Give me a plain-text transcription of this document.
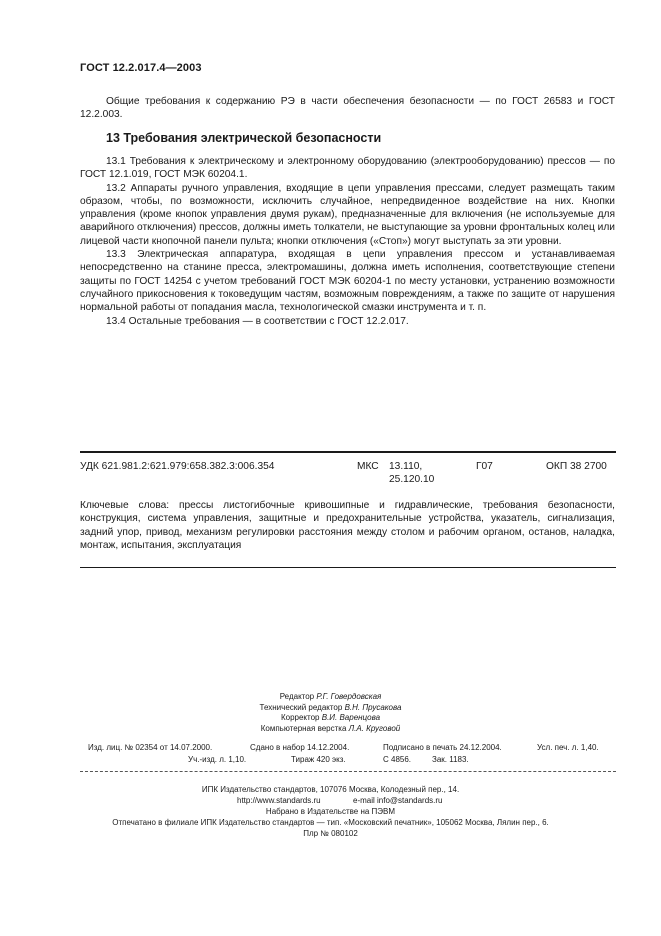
ГОСТ 12.2.017.4—2003

Общие требования к содержанию РЭ в части обеспечения безопасности — по ГОСТ 26583 и ГОСТ 12.2.003.

13 Требования электрической безопасности

13.1 Требования к электрическому и электронному оборудованию (электрооборудованию) прессов — по ГОСТ 12.1.019, ГОСТ МЭК 60204.1.

13.2 Аппараты ручного управления, входящие в цепи управления прессами, следует размещать таким образом, чтобы, по возможности, исключить случайное, непредвиденное воздействие на них. Кнопки управления (кроме кнопок управления двумя рукам), предназначенные для включения (не используемые для аварийного отключения) прессов, должны иметь толкатели, не выступающие за уровни фронтальных колец или лицевой части кнопочной панели пульта; кнопки отключения («Стоп») могут выступать за эти уровни.

13.3 Электрическая аппаратура, входящая в цепи управления прессом и устанавливаемая непосредственно на станине пресса, электромашины, должна иметь исполнения, соответствующие степени защиты по ГОСТ 14254 с учетом требований ГОСТ МЭК 60204-1 по месту установки, устранению возможности случайного прикосновения к токоведущим частям, возможным повреждениям, а также по защите от нарушения нормальной работы от попадания масла, технологической смазки инструмента и т. п.

13.4 Остальные требования — в соответствии с ГОСТ 12.2.017.

УДК 621.981.2:621.979:658.382.3:006.354	МКС 13.110,
25.120.10
Г07	ОКП 38 2700
Ключевые слова: прессы листогибочные кривошипные и гидравлические, требования безопасности, конструкция, система управления, защитные и предохранительные устройства, указатель, сигнализация, задний упор, привод, механизм регулировки расстояния между столом и рабочим органом, останов, наладка, монтаж, испытания, эксплуатация
Редактор Р.Г. Говердовская
Технический редактор В.Н. Прусакова
Корректор В.И. Варенцова
Компьютерная верстка Л.А. Круговой
Изд. лиц. № 02354 от 14.07.2000.	Сдано в набор 14.12.2004.	Подписано в печать 24.12.2004.	Усл. печ. л. 1,40.
Уч.-изд. л. 1,10.	Тираж 420 экз.	С 4856.	Зак. 1183.
ИПК Издательство стандартов, 107076 Москва, Колодезный пер., 14.
http://www.standards.ru	e-mail info@standards.ru
Набрано в Издательстве на ПЭВМ
Отпечатано в филиале ИПК Издательство стандартов — тип. «Московский печатник», 105062 Москва, Лялин пер., 6.
Плр № 080102
